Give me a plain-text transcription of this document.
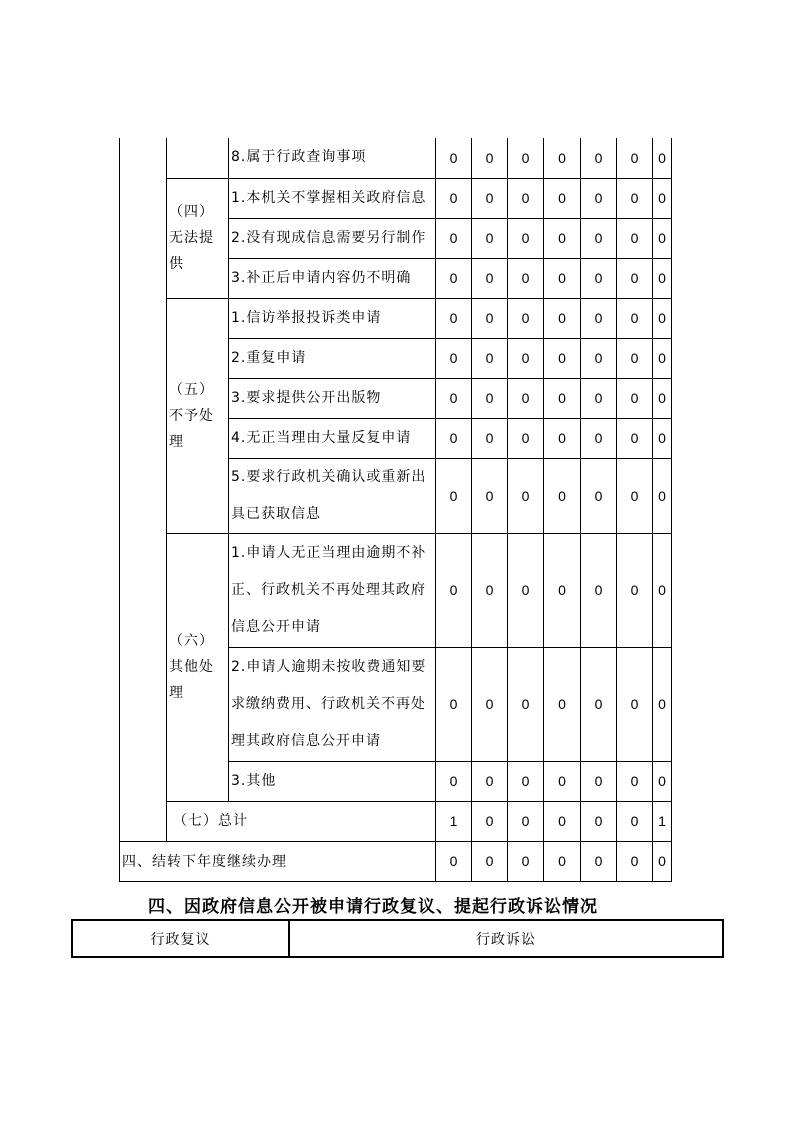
		8.属于行政查询事项	0	0	0	0	0	0	0
	（四）无法提供	1.本机关不掌握相关政府信息	0	0	0	0	0	0	0
		2.没有现成信息需要另行制作	0	0	0	0	0	0	0
		3.补正后申请内容仍不明确	0	0	0	0	0	0	0
	（五）不予处理	1.信访举报投诉类申请	0	0	0	0	0	0	0
		2.重复申请	0	0	0	0	0	0	0
		3.要求提供公开出版物	0	0	0	0	0	0	0
		4.无正当理由大量反复申请	0	0	0	0	0	0	0
		5.要求行政机关确认或重新出具已获取信息	0	0	0	0	0	0	0
	（六）其他处理	1.申请人无正当理由逾期不补正、行政机关不再处理其政府信息公开申请	0	0	0	0	0	0	0
		2.申请人逾期未按收费通知要求缴纳费用、行政机关不再处理其政府信息公开申请	0	0	0	0	0	0	0
		3.其他	0	0	0	0	0	0	0
	（七）总计		1	0	0	0	0	0	1
四、结转下年度继续办理			0	0	0	0	0	0	0
四、因政府信息公开被申请行政复议、提起行政诉讼情况
行政复议	行政诉讼
